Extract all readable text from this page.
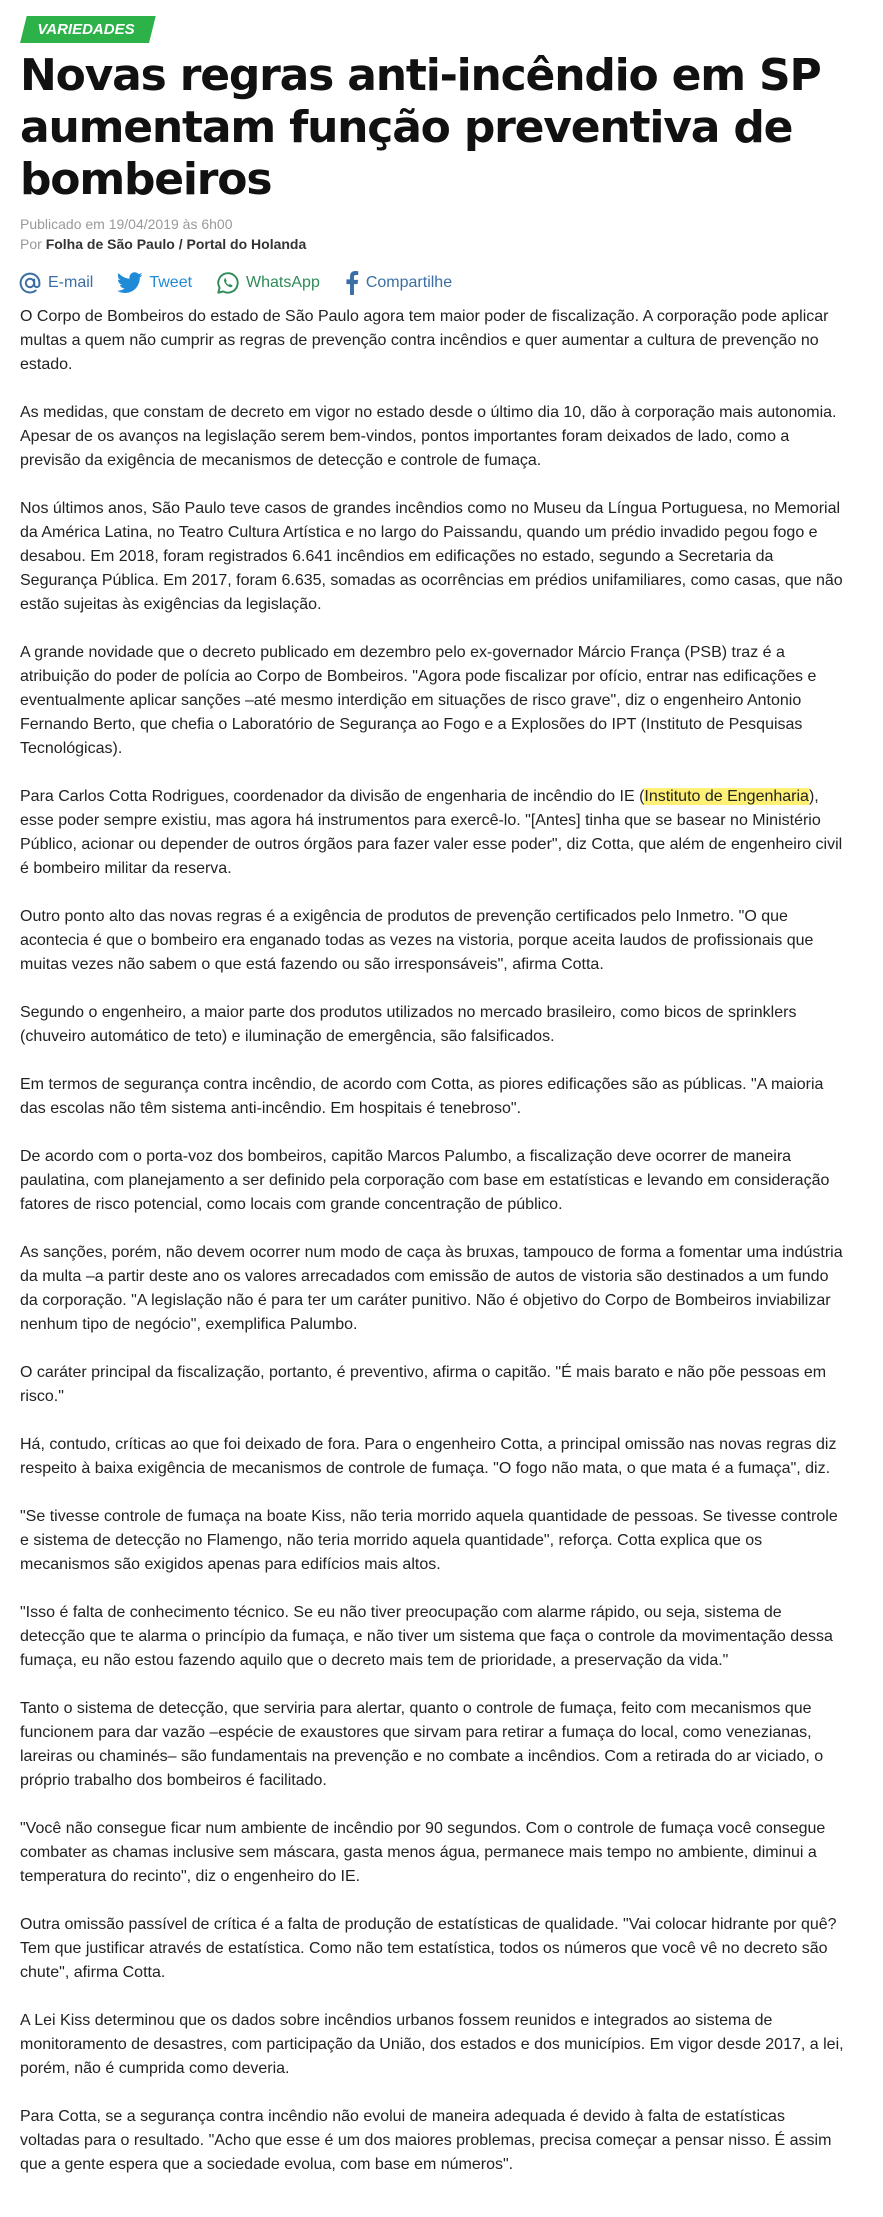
VARIEDADES
Novas regras anti-incêndio em SP aumentam função preventiva de bombeiros
Publicado em 19/04/2019 às 6h00
Por Folha de São Paulo / Portal do Holanda
E-mail	Tweet	WhatsApp	Compartilhe

O Corpo de Bombeiros do estado de São Paulo agora tem maior poder de fiscalização. A corporação pode aplicar multas a quem não cumprir as regras de prevenção contra incêndios e quer aumentar a cultura de prevenção no estado.

As medidas, que constam de decreto em vigor no estado desde o último dia 10, dão à corporação mais autonomia. Apesar de os avanços na legislação serem bem-vindos, pontos importantes foram deixados de lado, como a previsão da exigência de mecanismos de detecção e controle de fumaça.

Nos últimos anos, São Paulo teve casos de grandes incêndios como no Museu da Língua Portuguesa, no Memorial da América Latina, no Teatro Cultura Artística e no largo do Paissandu, quando um prédio invadido pegou fogo e desabou. Em 2018, foram registrados 6.641 incêndios em edificações no estado, segundo a Secretaria da Segurança Pública. Em 2017, foram 6.635, somadas as ocorrências em prédios unifamiliares, como casas, que não estão sujeitas às exigências da legislação.

A grande novidade que o decreto publicado em dezembro pelo ex-governador Márcio França (PSB) traz é a atribuição do poder de polícia ao Corpo de Bombeiros. "Agora pode fiscalizar por ofício, entrar nas edificações e eventualmente aplicar sanções –até mesmo interdição em situações de risco grave", diz o engenheiro Antonio Fernando Berto, que chefia o Laboratório de Segurança ao Fogo e a Explosões do IPT (Instituto de Pesquisas Tecnológicas).

Para Carlos Cotta Rodrigues, coordenador da divisão de engenharia de incêndio do IE (Instituto de Engenharia), esse poder sempre existiu, mas agora há instrumentos para exercê-lo. "[Antes] tinha que se basear no Ministério Público, acionar ou depender de outros órgãos para fazer valer esse poder", diz Cotta, que além de engenheiro civil é bombeiro militar da reserva.

Outro ponto alto das novas regras é a exigência de produtos de prevenção certificados pelo Inmetro. "O que acontecia é que o bombeiro era enganado todas as vezes na vistoria, porque aceita laudos de profissionais que muitas vezes não sabem o que está fazendo ou são irresponsáveis", afirma Cotta.

Segundo o engenheiro, a maior parte dos produtos utilizados no mercado brasileiro, como bicos de sprinklers (chuveiro automático de teto) e iluminação de emergência, são falsificados.

Em termos de segurança contra incêndio, de acordo com Cotta, as piores edificações são as públicas. "A maioria das escolas não têm sistema anti-incêndio. Em hospitais é tenebroso".

De acordo com o porta-voz dos bombeiros, capitão Marcos Palumbo, a fiscalização deve ocorrer de maneira paulatina, com planejamento a ser definido pela corporação com base em estatísticas e levando em consideração fatores de risco potencial, como locais com grande concentração de público.

As sanções, porém, não devem ocorrer num modo de caça às bruxas, tampouco de forma a fomentar uma indústria da multa –a partir deste ano os valores arrecadados com emissão de autos de vistoria são destinados a um fundo da corporação. "A legislação não é para ter um caráter punitivo. Não é objetivo do Corpo de Bombeiros inviabilizar nenhum tipo de negócio", exemplifica Palumbo.

O caráter principal da fiscalização, portanto, é preventivo, afirma o capitão. "É mais barato e não põe pessoas em risco."

Há, contudo, críticas ao que foi deixado de fora. Para o engenheiro Cotta, a principal omissão nas novas regras diz respeito à baixa exigência de mecanismos de controle de fumaça. "O fogo não mata, o que mata é a fumaça", diz.

"Se tivesse controle de fumaça na boate Kiss, não teria morrido aquela quantidade de pessoas. Se tivesse controle e sistema de detecção no Flamengo, não teria morrido aquela quantidade", reforça. Cotta explica que os mecanismos são exigidos apenas para edifícios mais altos.

"Isso é falta de conhecimento técnico. Se eu não tiver preocupação com alarme rápido, ou seja, sistema de detecção que te alarma o princípio da fumaça, e não tiver um sistema que faça o controle da movimentação dessa fumaça, eu não estou fazendo aquilo que o decreto mais tem de prioridade, a preservação da vida."

Tanto o sistema de detecção, que serviria para alertar, quanto o controle de fumaça, feito com mecanismos que funcionem para dar vazão –espécie de exaustores que sirvam para retirar a fumaça do local, como venezianas, lareiras ou chaminés– são fundamentais na prevenção e no combate a incêndios. Com a retirada do ar viciado, o próprio trabalho dos bombeiros é facilitado.

"Você não consegue ficar num ambiente de incêndio por 90 segundos. Com o controle de fumaça você consegue combater as chamas inclusive sem máscara, gasta menos água, permanece mais tempo no ambiente, diminui a temperatura do recinto", diz o engenheiro do IE.

Outra omissão passível de crítica é a falta de produção de estatísticas de qualidade. "Vai colocar hidrante por quê? Tem que justificar através de estatística. Como não tem estatística, todos os números que você vê no decreto são chute", afirma Cotta.

A Lei Kiss determinou que os dados sobre incêndios urbanos fossem reunidos e integrados ao sistema de monitoramento de desastres, com participação da União, dos estados e dos municípios. Em vigor desde 2017, a lei, porém, não é cumprida como deveria.

Para Cotta, se a segurança contra incêndio não evolui de maneira adequada é devido à falta de estatísticas voltadas para o resultado. "Acho que esse é um dos maiores problemas, precisa começar a pensar nisso. É assim que a gente espera que a sociedade evolua, com base em números".
